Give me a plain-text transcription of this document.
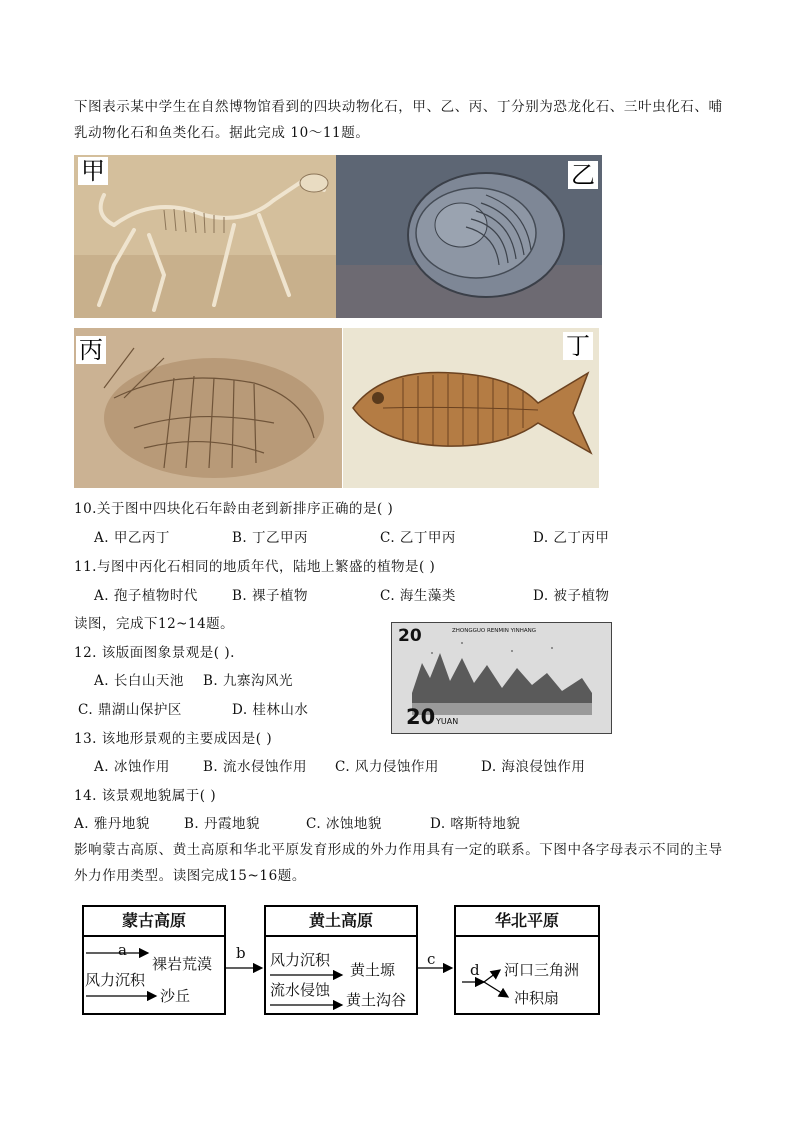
下图表示某中学生在自然博物馆看到的四块动物化石，甲、乙、丙、丁分别为恐龙化石、三叶虫化石、哺乳动物化石和鱼类化石。据此完成 10～11题。
甲	乙
丙	丁
10.关于图中四块化石年龄由老到新排序正确的是( )
A. 甲乙丙丁	B. 丁乙甲丙	C. 乙丁甲丙	D. 乙丁丙甲
11.与图中丙化石相同的地质年代，陆地上繁盛的植物是( )
A. 孢子植物时代	B. 裸子植物	C. 海生藻类	D. 被子植物
读图，完成下12~14题。
12. 该版面图象景观是( ).
A. 长白山天池 B. 九寨沟风光
C. 鼎湖山保护区	D. 桂林山水
20	ZHONGGUO RENMIN YINHANG
20 YUAN
13. 该地形景观的主要成因是( )
A. 冰蚀作用 B. 流水侵蚀作用 C. 风力侵蚀作用	D. 海浪侵蚀作用
14. 该景观地貌属于( )
A. 雅丹地貌	B. 丹霞地貌	C. 冰蚀地貌	D. 喀斯特地貌
影响蒙古高原、黄土高原和华北平原发育形成的外力作用具有一定的联系。下图中各字母表示不同的主导外力作用类型。读图完成15~16题。
蒙古高原
a
风力沉积
裸岩荒漠
沙丘
b
黄土高原
风力沉积
流水侵蚀
黄土塬
黄土沟谷
c
华北平原
d 河口三角洲
冲积扇
